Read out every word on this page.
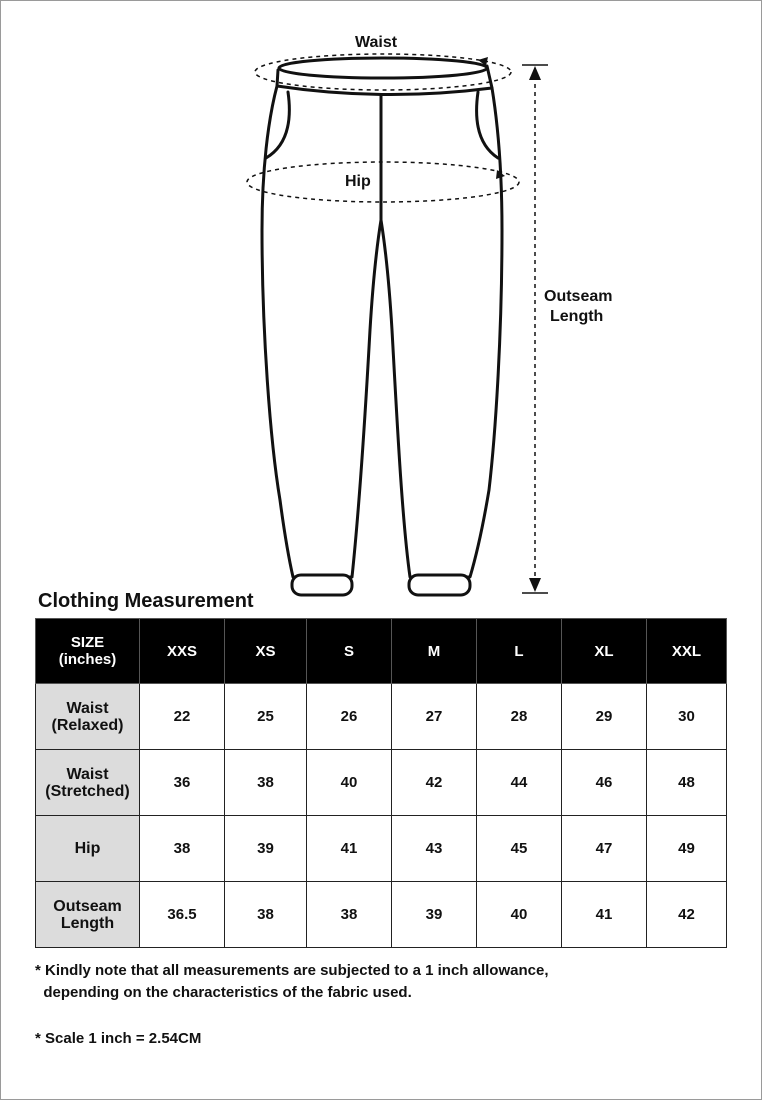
Waist
Hip
Outseam
Length
Clothing Measurement
SIZE
(inches)	XXS	XS	S	M	L	XL	XXL

Waist
(Relaxed)	22	25	26	27	28	29	30

Waist
(Stretched)	36	38	40	42	44	46	48

Hip	38	39	41	43	45	47	49

Outseam
Length	36.5	38	38	39	40	41	42
* Kindly note that all measurements are subjected to a 1 inch allowance,
depending on the characteristics of the fabric used.
* Scale 1 inch = 2.54CM
